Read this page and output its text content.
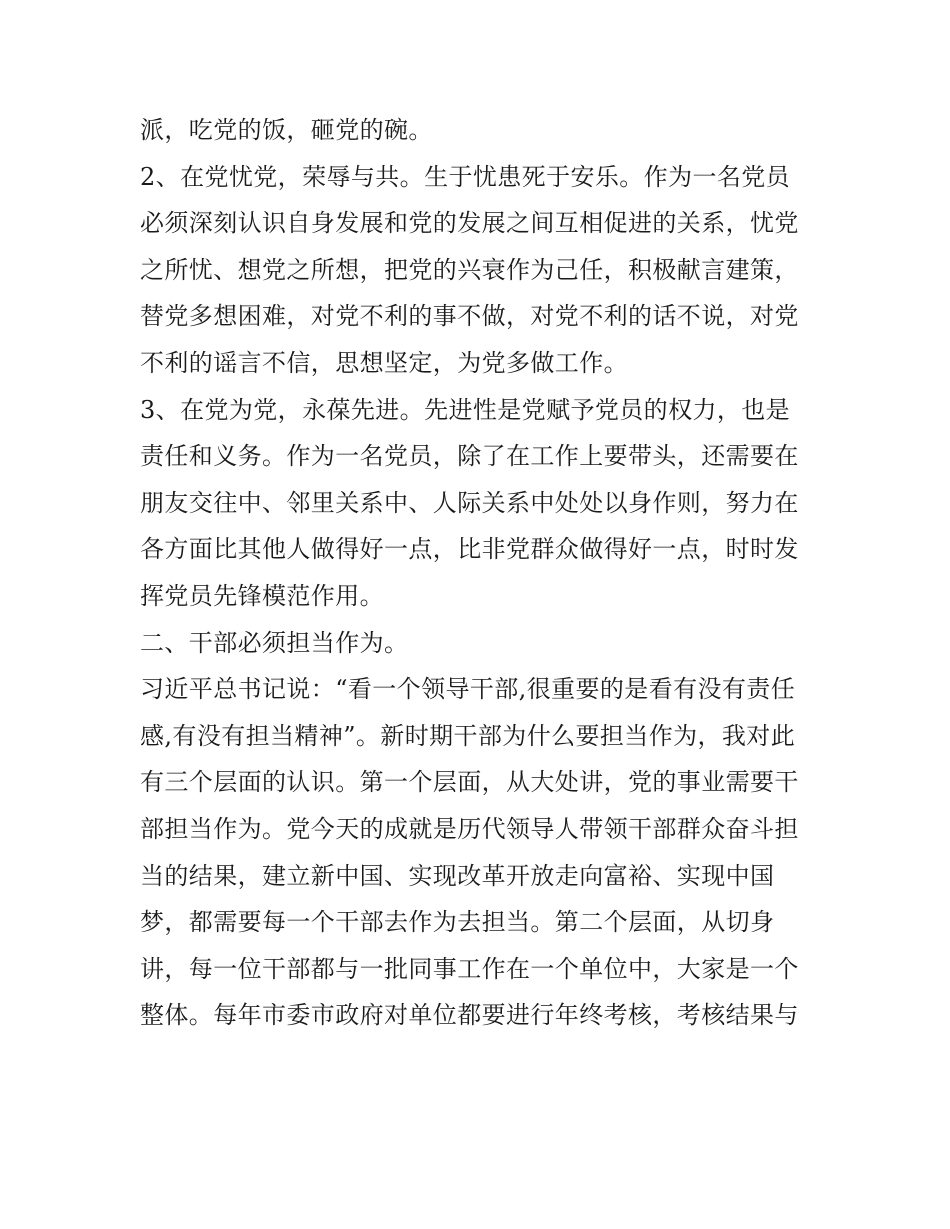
派，吃党的饭，砸党的碗。
2、在党忧党，荣辱与共。生于忧患死于安乐。作为一名党员
必须深刻认识自身发展和党的发展之间互相促进的关系，忧党
之所忧、想党之所想，把党的兴衰作为己任，积极献言建策，
替党多想困难，对党不利的事不做，对党不利的话不说，对党
不利的谣言不信，思想坚定，为党多做工作。
3、在党为党，永葆先进。先进性是党赋予党员的权力，也是
责任和义务。作为一名党员，除了在工作上要带头，还需要在
朋友交往中、邻里关系中、人际关系中处处以身作则，努力在
各方面比其他人做得好一点，比非党群众做得好一点，时时发
挥党员先锋模范作用。
二、干部必须担当作为。
习近平总书记说：“看一个领导干部,很重要的是看有没有责任
感,有没有担当精神”。新时期干部为什么要担当作为，我对此
有三个层面的认识。第一个层面，从大处讲，党的事业需要干
部担当作为。党今天的成就是历代领导人带领干部群众奋斗担
当的结果，建立新中国、实现改革开放走向富裕、实现中国
梦，都需要每一个干部去作为去担当。第二个层面，从切身
讲，每一位干部都与一批同事工作在一个单位中，大家是一个
整体。每年市委市政府对单位都要进行年终考核，考核结果与
